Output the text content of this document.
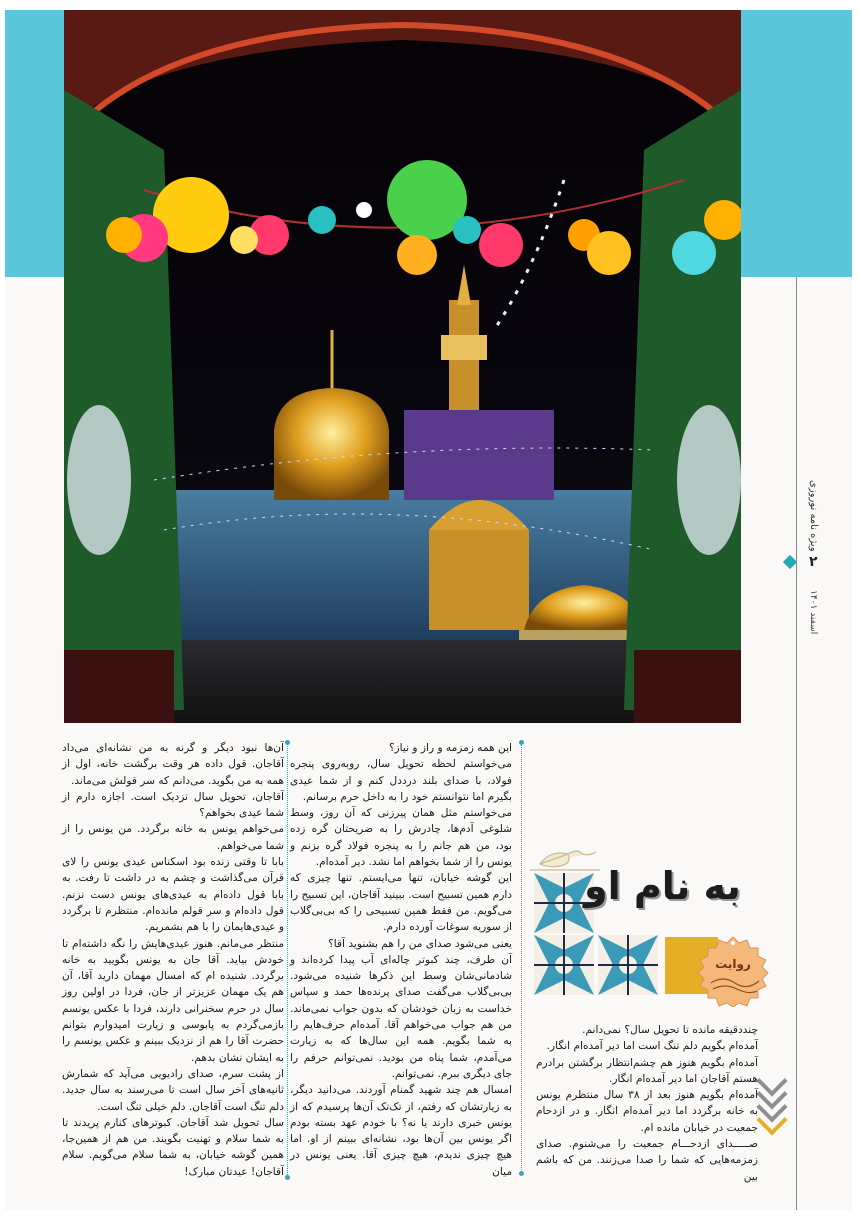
ویژه نامه نوروزی
۲
اسفند ۱۴۰۱
به نام او
روایت

چنددقیقه مانده تا تحویل سال؟ نمی‌دانم.

آمده‌ام بگویم دلم تنگ است اما دیر آمده‌ام انگار.

آمده‌ام بگویم هنوز هم چشم‌انتظار برگشتن برادرم هستم آقاجان اما دیر آمده‌ام انگار.

آمده‌ام بگویم هنوز بعد از ۳۸ سال منتظرم یونس به خانه برگردد اما دیر آمده‌ام انگار. و در ازدحام جمعیت در خیابان مانده ام.

صـــــدای ازدحـــام جمعیت را می‌شنوم. صدای زمزمه‌هایی که شما را صدا می‌زنند. من که باشم بین

این همه زمزمه و راز و نیاز؟

می‌خواستم لحظه تحویل سال، روبه‌روی پنجره فولاد، با صدای بلند درددل کنم و از شما عیدی بگیرم اما نتوانستم خود را به داخل حرم برسانم.

می‌خواستم مثل همان پیرزنی که آن روز، وسط شلوغی آدم‌ها، چادرش را به ضریحتان گره زده بود، من هم جانم را به پنجره فولاد گره بزنم و یونس را از شما بخواهم اما نشد. دیر آمده‌ام.

این گوشه خیابان، تنها می‌ایستم. تنها چیزی که دارم همین تسبیح است. ببینید آقاجان، این تسبیح را می‌گویم. من فقط همین تسبیحی را که بی‌بی‌گلاب از سوریه سوغات آورده دارم.

یعنی می‌شود صدای من را هم بشنوید آقا؟

آن طرف، چند کبوتر چاله‌ای آب پیدا کرده‌اند و شادمانی‌شان وسط این ذکرها شنیده می‌شود. بی‌بی‌گلاب می‌گفت صدای پرنده‌ها حمد و سپاس خداست به زبان خودشان که بدون جواب نمی‌ماند. من هم جواب می‌خواهم آقا. آمده‌ام حرف‌هایم را به شما بگویم. همه این سال‌ها که به زیارت می‌آمدم، شما پناه من بودید. نمی‌توانم حرفم را جای دیگری ببرم. نمی‌توانم.

امسال هم چند شهید گمنام آوردند. می‌دانید دیگر، به زیارتشان که رفتم، از تک‌تک آن‌ها پرسیدم که از یونس خبری دارند یا نه؟ با خودم عهد بسته بودم اگر یونس بین آن‌ها بود، نشانه‌ای ببینم از او. اما هیچ چیزی ندیدم، هیچ چیزی آقا. یعنی یونس در میان

آن‌ها نبود دیگر و گرنه به من نشانه‌ای می‌داد آقاجان. قول داده هر وقت برگشت خانه، اول از همه به من بگوید. می‌دانم که سر قولش می‌ماند.

آقاجان، تحویل سال نزدیک است. اجازه دارم از شما عیدی بخواهم؟

می‌خواهم یونس به خانه برگردد. من یونس را از شما می‌خواهم.

بابا تا وقتی زنده بود اسکناس عیدی یونس را لای قرآن می‌گذاشت و چشم به در داشت تا رفت. به بابا قول داده‌ام به عیدی‌های یونس دست نزنم. قول داده‌ام و سر قولم مانده‌ام. منتظرم تا برگردد و عیدی‌هایمان را با هم بشمریم.

منتظر می‌مانم. هنوز عیدی‌هایش را نگه داشته‌ام تا خودش بیاید. آقا جان به یونس بگویید به خانه برگردد. شنیده ام که امسال مهمان دارید آقا، آن هم یک مهمان عزیزتر از جان، فردا در اولین روز سال در حرم سخنرانی دارند، فردا با عکس یونسم بازمی‌گردم به پابوسی و زیارت امیدوارم بتوانم حضرت آقا را هم از نزدیک ببینم و عکس یونسم را به ایشان نشان بدهم.

از پشت سرم، صدای رادیویی می‌آید که شمارش ثانیه‌های آخر سال است تا می‌رسند به سال جدید. دلم تنگ است آقاجان. دلم خیلی تنگ است.

سال تحویل شد آقاجان. کبوترهای کنارم پریدند تا به شما سلام و تهنیت بگویند. من هم از همین‌جا، همین گوشه خیابان، به شما سلام می‌گویم. سلام آقاجان! عیدتان مبارک!
